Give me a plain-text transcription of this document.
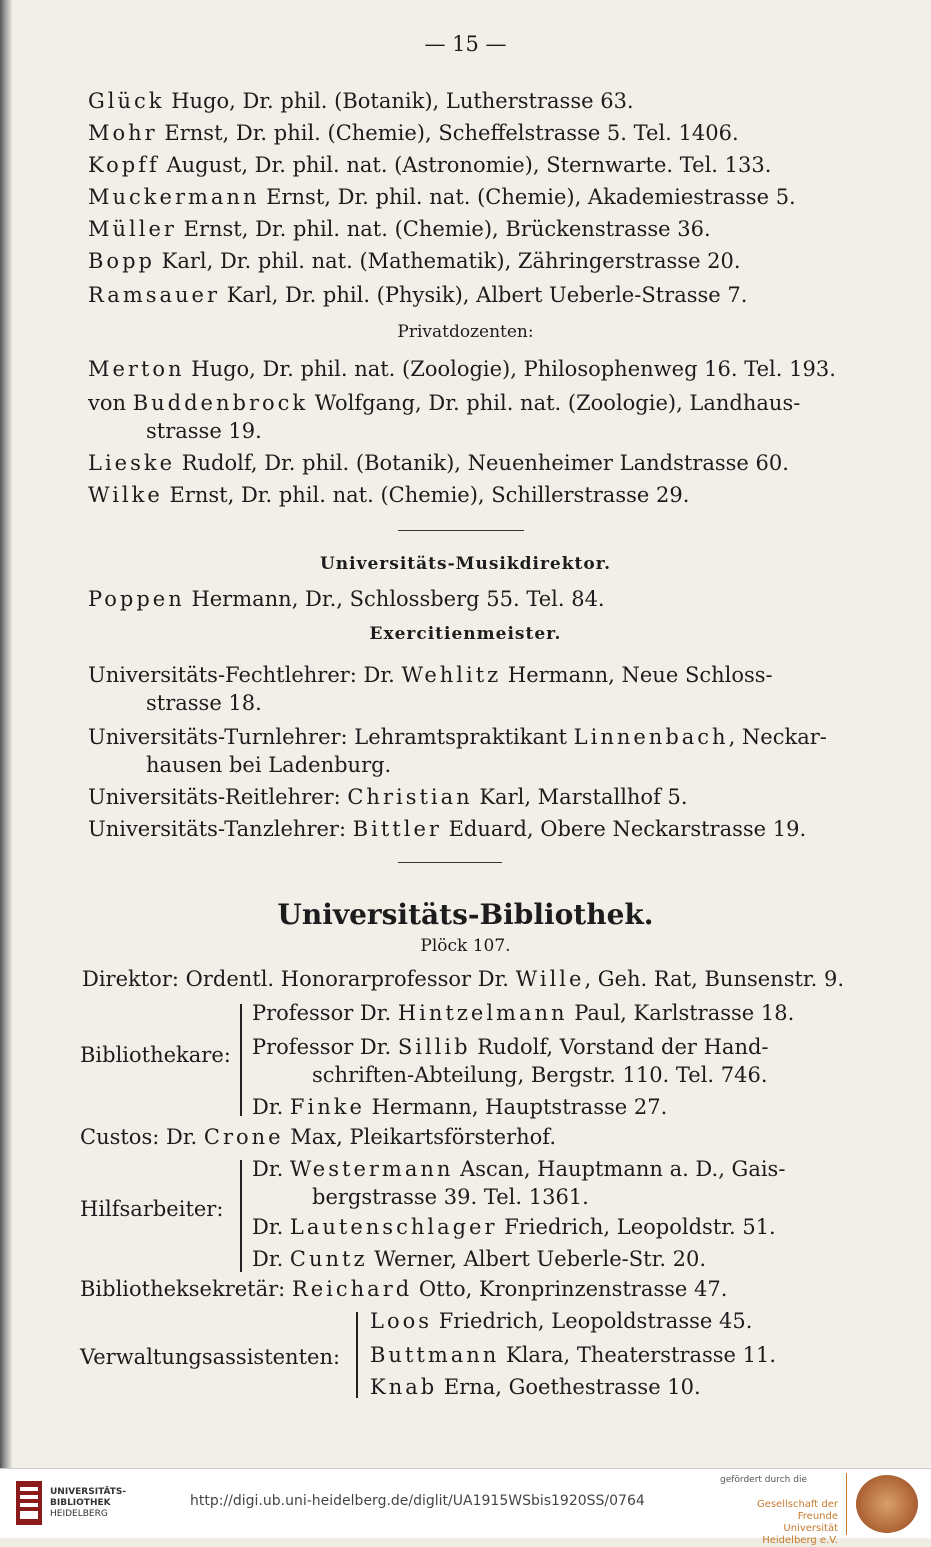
— 15 —
Glück Hugo, Dr. phil. (Botanik), Lutherstrasse 63.
Mohr Ernst, Dr. phil. (Chemie), Scheffelstrasse 5. Tel. 1406.
Kopff August, Dr. phil. nat. (Astronomie), Sternwarte. Tel. 133.
Muckermann Ernst, Dr. phil. nat. (Chemie), Akademiestrasse 5.
Müller Ernst, Dr. phil. nat. (Chemie), Brückenstrasse 36.
Bopp Karl, Dr. phil. nat. (Mathematik), Zähringerstrasse 20.
Ramsauer Karl, Dr. phil. (Physik), Albert Ueberle-Strasse 7.
Privatdozenten:
Merton Hugo, Dr. phil. nat. (Zoologie), Philosophenweg 16. Tel. 193.
von Buddenbrock Wolfgang, Dr. phil. nat. (Zoologie), Landhaus-
strasse 19.
Lieske Rudolf, Dr. phil. (Botanik), Neuenheimer Landstrasse 60.
Wilke Ernst, Dr. phil. nat. (Chemie), Schillerstrasse 29.
Universitäts-Musikdirektor.
Poppen Hermann, Dr., Schlossberg 55. Tel. 84.
Exercitienmeister.
Universitäts-Fechtlehrer: Dr. Wehlitz Hermann, Neue Schloss-
strasse 18.
Universitäts-Turnlehrer: Lehramtspraktikant Linnenbach, Neckar-
hausen bei Ladenburg.
Universitäts-Reitlehrer: Christian Karl, Marstallhof 5.
Universitäts-Tanzlehrer: Bittler Eduard, Obere Neckarstrasse 19.
Universitäts-Bibliothek.
Plöck 107.
Direktor: Ordentl. Honorarprofessor Dr. Wille, Geh. Rat, Bunsenstr. 9.
Bibliothekare:
Professor Dr. Hintzelmann Paul, Karlstrasse 18.
Professor Dr. Sillib Rudolf, Vorstand der Hand-
schriften-Abteilung, Bergstr. 110. Tel. 746.
Dr. Finke Hermann, Hauptstrasse 27.
Custos: Dr. Crone Max, Pleikartsförsterhof.
Hilfsarbeiter:
Dr. Westermann Ascan, Hauptmann a. D., Gais-
bergstrasse 39. Tel. 1361.
Dr. Lautenschlager Friedrich, Leopoldstr. 51.
Dr. Cuntz Werner, Albert Ueberle-Str. 20.
Bibliotheksekretär: Reichard Otto, Kronprinzenstrasse 47.
Verwaltungsassistenten:
Loos Friedrich, Leopoldstrasse 45.
Buttmann Klara, Theaterstrasse 11.
Knab Erna, Goethestrasse 10.
UNIVERSITÄTS-
BIBLIOTHEK
HEIDELBERG
http://digi.ub.uni-heidelberg.de/diglit/UA1915WSbis1920SS/0764
gefördert durch die
Gesellschaft der Freunde
Universität Heidelberg e.V.
